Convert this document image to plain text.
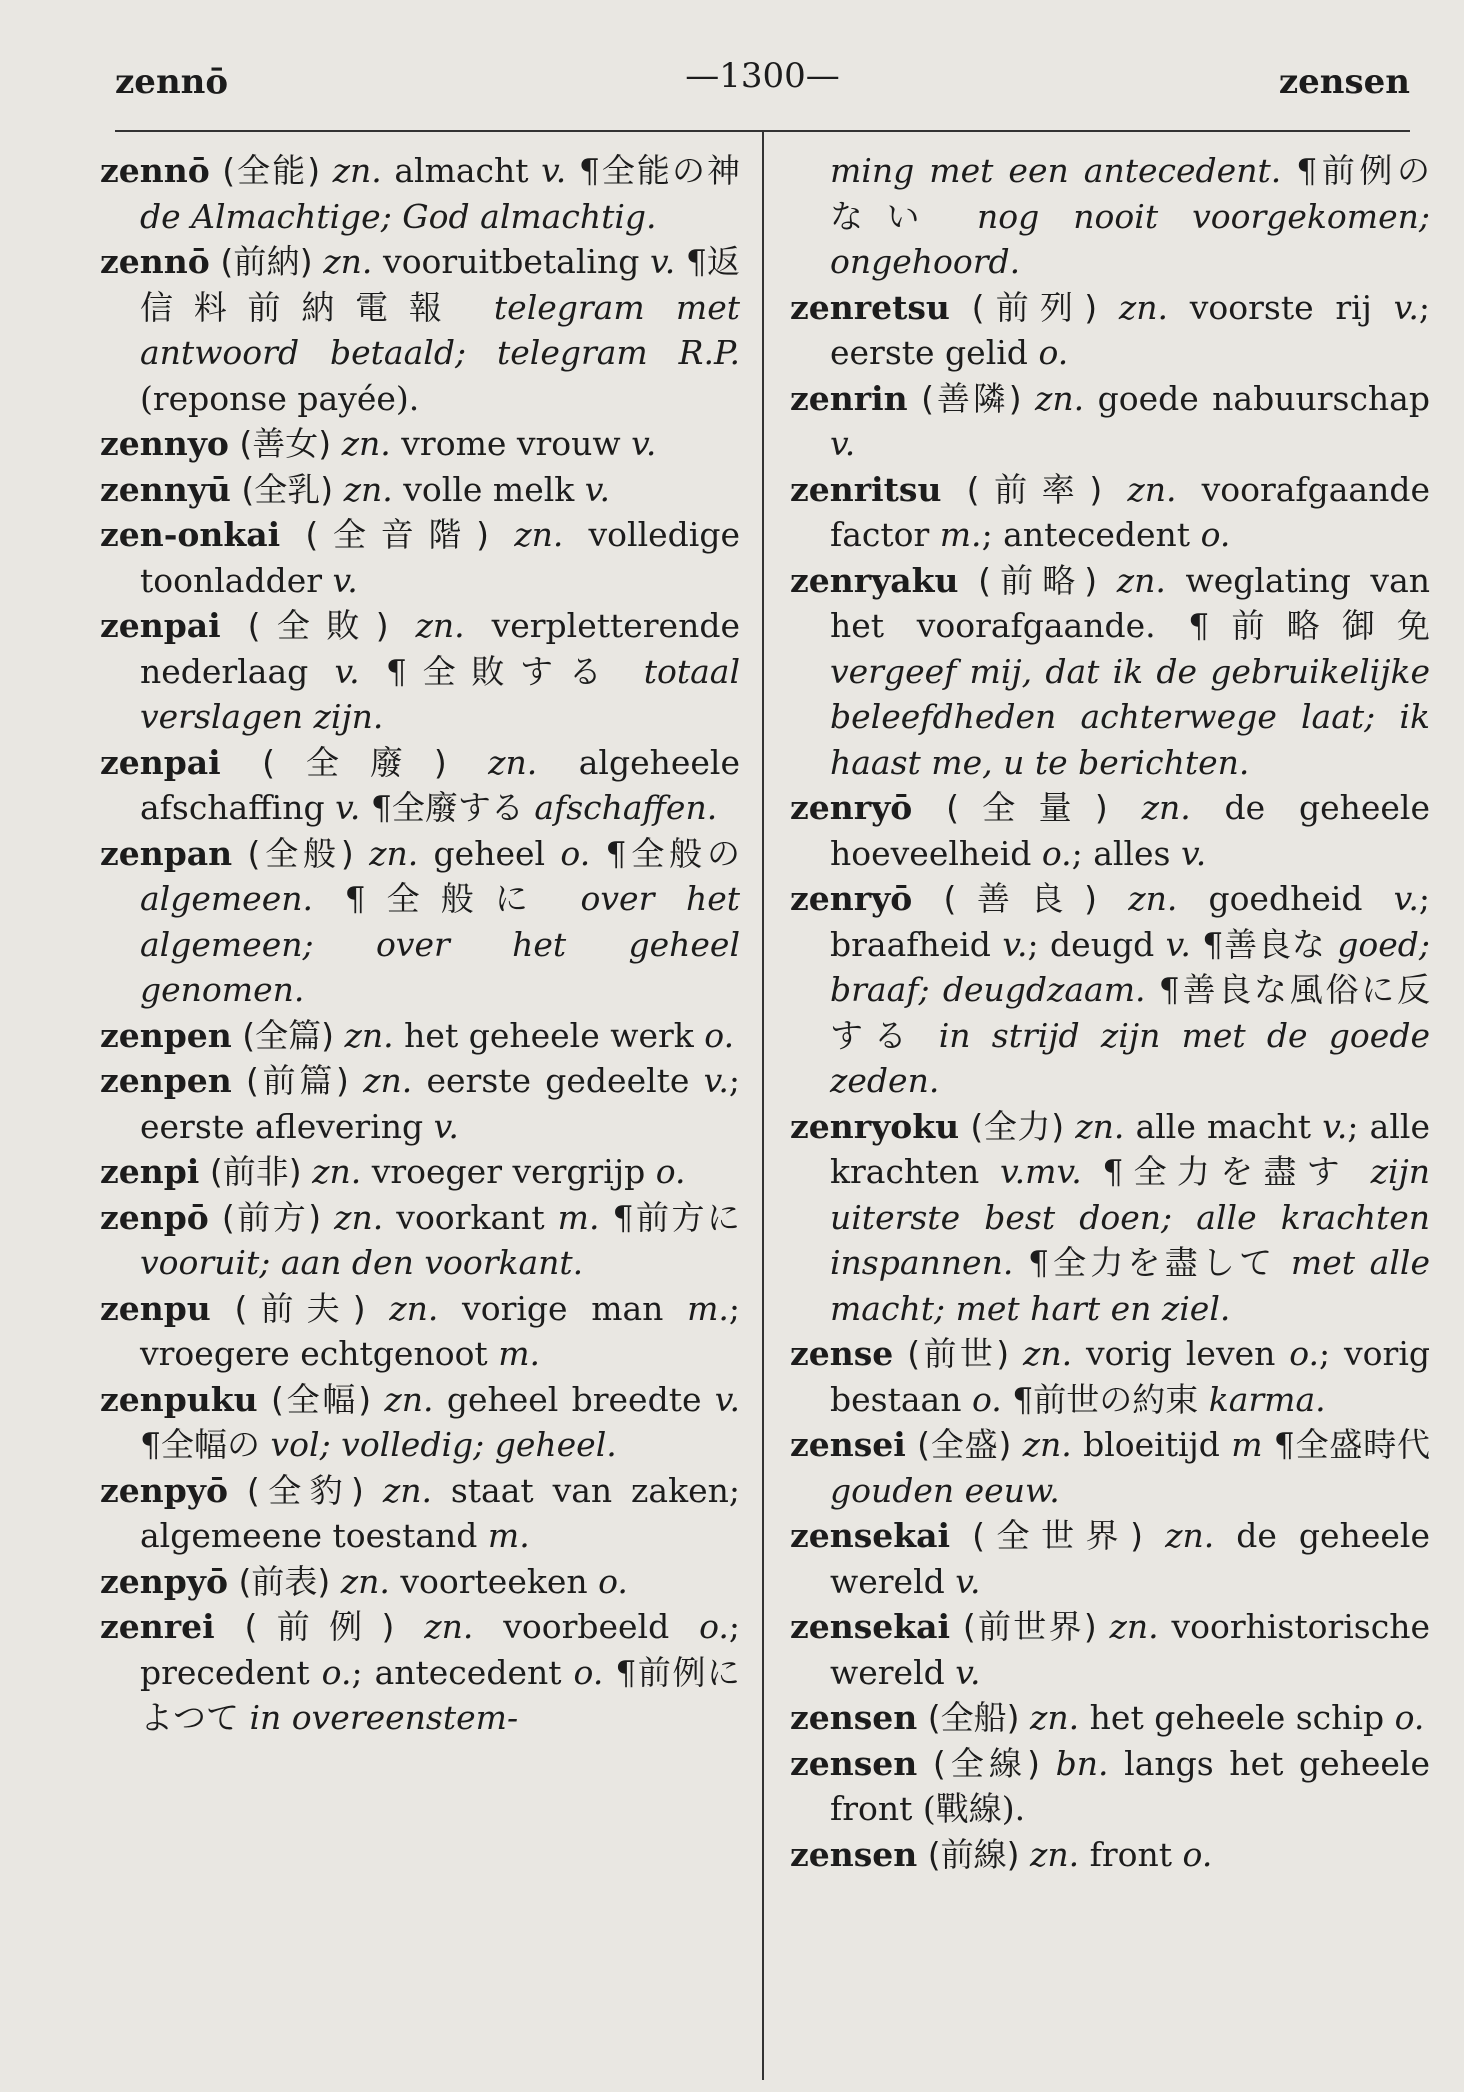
zennō	—1300—	zensen

zennō (全能) zn. almacht v. ¶全能の神 de Almachtige; God almachtig.

zennō (前納) zn. vooruitbetaling v. ¶返信料前納電報 telegram met antwoord betaald; telegram R.P. (reponse payée).

zennyo (善女) zn. vrome vrouw v.

zennyū (全乳) zn. volle melk v.

zen-onkai (全音階) zn. volledige toonladder v.

zenpai (全敗) zn. verpletterende nederlaag v. ¶全敗する totaal verslagen zijn.

zenpai (全廢) zn. algeheele afschaffing v. ¶全廢する afschaffen.

zenpan (全般) zn. geheel o. ¶全般の algemeen. ¶全般に over het algemeen; over het geheel genomen.

zenpen (全篇) zn. het geheele werk o.

zenpen (前篇) zn. eerste gedeelte v.; eerste aflevering v.

zenpi (前非) zn. vroeger vergrijp o.

zenpō (前方) zn. voorkant m. ¶前方に vooruit; aan den voorkant.

zenpu (前夫) zn. vorige man m.; vroegere echtgenoot m.

zenpuku (全幅) zn. geheel breedte v. ¶全幅の vol; volledig; geheel.

zenpyō (全豹) zn. staat van zaken; algemeene toestand m.

zenpyō (前表) zn. voorteeken o.

zenrei (前例) zn. voorbeeld o.; precedent o.; antecedent o. ¶前例によつて in overeenstem-

ming met een antecedent. ¶前例のない nog nooit voorgekomen; ongehoord.

zenretsu (前列) zn. voorste rij v.; eerste gelid o.

zenrin (善隣) zn. goede nabuurschap v.

zenritsu (前率) zn. voorafgaande factor m.; antecedent o.

zenryaku (前略) zn. weglating van het voorafgaande. ¶前略御免 vergeef mij, dat ik de gebruikelijke beleefdheden achterwege laat; ik haast me, u te berichten.

zenryō (全量) zn. de geheele hoeveelheid o.; alles v.

zenryō (善良) zn. goedheid v.; braafheid v.; deugd v. ¶善良な goed; braaf; deugdzaam. ¶善良な風俗に反する in strijd zijn met de goede zeden.

zenryoku (全力) zn. alle macht v.; alle krachten v.mv. ¶全力を盡す zijn uiterste best doen; alle krachten inspannen. ¶全力を盡して met alle macht; met hart en ziel.

zense (前世) zn. vorig leven o.; vorig bestaan o. ¶前世の約束 karma.

zensei (全盛) zn. bloeitijd m ¶全盛時代 gouden eeuw.

zensekai (全世界) zn. de geheele wereld v.

zensekai (前世界) zn. voorhistorische wereld v.

zensen (全船) zn. het geheele schip o.

zensen (全線) bn. langs het geheele front (戰線).

zensen (前線) zn. front o.
